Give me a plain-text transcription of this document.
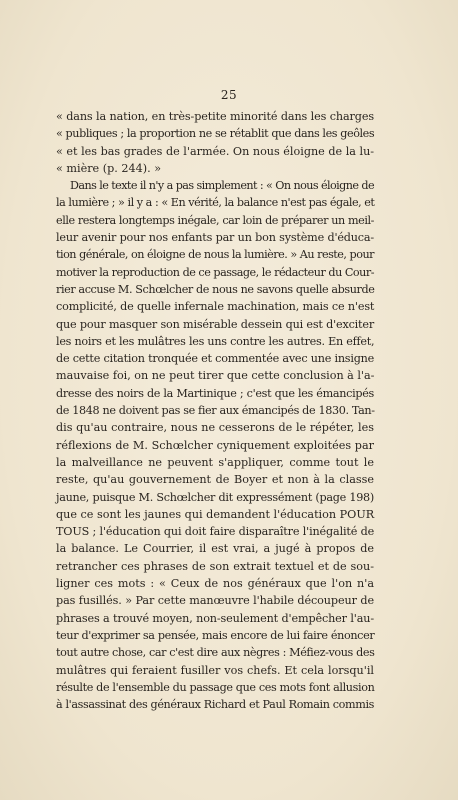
25
« dans la nation, en très-petite minorité dans les charges
« publiques ; la proportion ne se rétablit que dans les geôles
« et les bas grades de l'armée. On nous éloigne de la lu-
« mière (p. 244). »
Dans le texte il n'y a pas simplement : « On nous éloigne de
la lumière ; » il y a : « En vérité, la balance n'est pas égale, et
elle restera longtemps inégale, car loin de préparer un meil-
leur avenir pour nos enfants par un bon système d'éduca-
tion générale, on éloigne de nous la lumière. » Au reste, pour
motiver la reproduction de ce passage, le rédacteur du Cour-
rier accuse M. Schœlcher de nous ne savons quelle absurde
complicité, de quelle infernale machination, mais ce n'est
que pour masquer son misérable dessein qui est d'exciter
les noirs et les mulâtres les uns contre les autres. En effet,
de cette citation tronquée et commentée avec une insigne
mauvaise foi, on ne peut tirer que cette conclusion à l'a-
dresse des noirs de la Martinique ; c'est que les émancipés
de 1848 ne doivent pas se fier aux émancipés de 1830. Tan-
dis qu'au contraire, nous ne cesserons de le répéter, les
réflexions de M. Schœlcher cyniquement exploitées par
la malveillance ne peuvent s'appliquer, comme tout le
reste, qu'au gouvernement de Boyer et non à la classe
jaune, puisque M. Schœlcher dit expressément (page 198)
que ce sont les jaunes qui demandent l'éducation POUR
TOUS ; l'éducation qui doit faire disparaître l'inégalité de
la balance. Le Courrier, il est vrai, a jugé à propos de
retrancher ces phrases de son extrait textuel et de sou-
ligner ces mots : « Ceux de nos généraux que l'on n'a
pas fusillés. » Par cette manœuvre l'habile découpeur de
phrases a trouvé moyen, non-seulement d'empêcher l'au-
teur d'exprimer sa pensée, mais encore de lui faire énoncer
tout autre chose, car c'est dire aux nègres : Méfiez-vous des
mulâtres qui feraient fusiller vos chefs. Et cela lorsqu'il
résulte de l'ensemble du passage que ces mots font allusion
à l'assassinat des généraux Richard et Paul Romain commis
